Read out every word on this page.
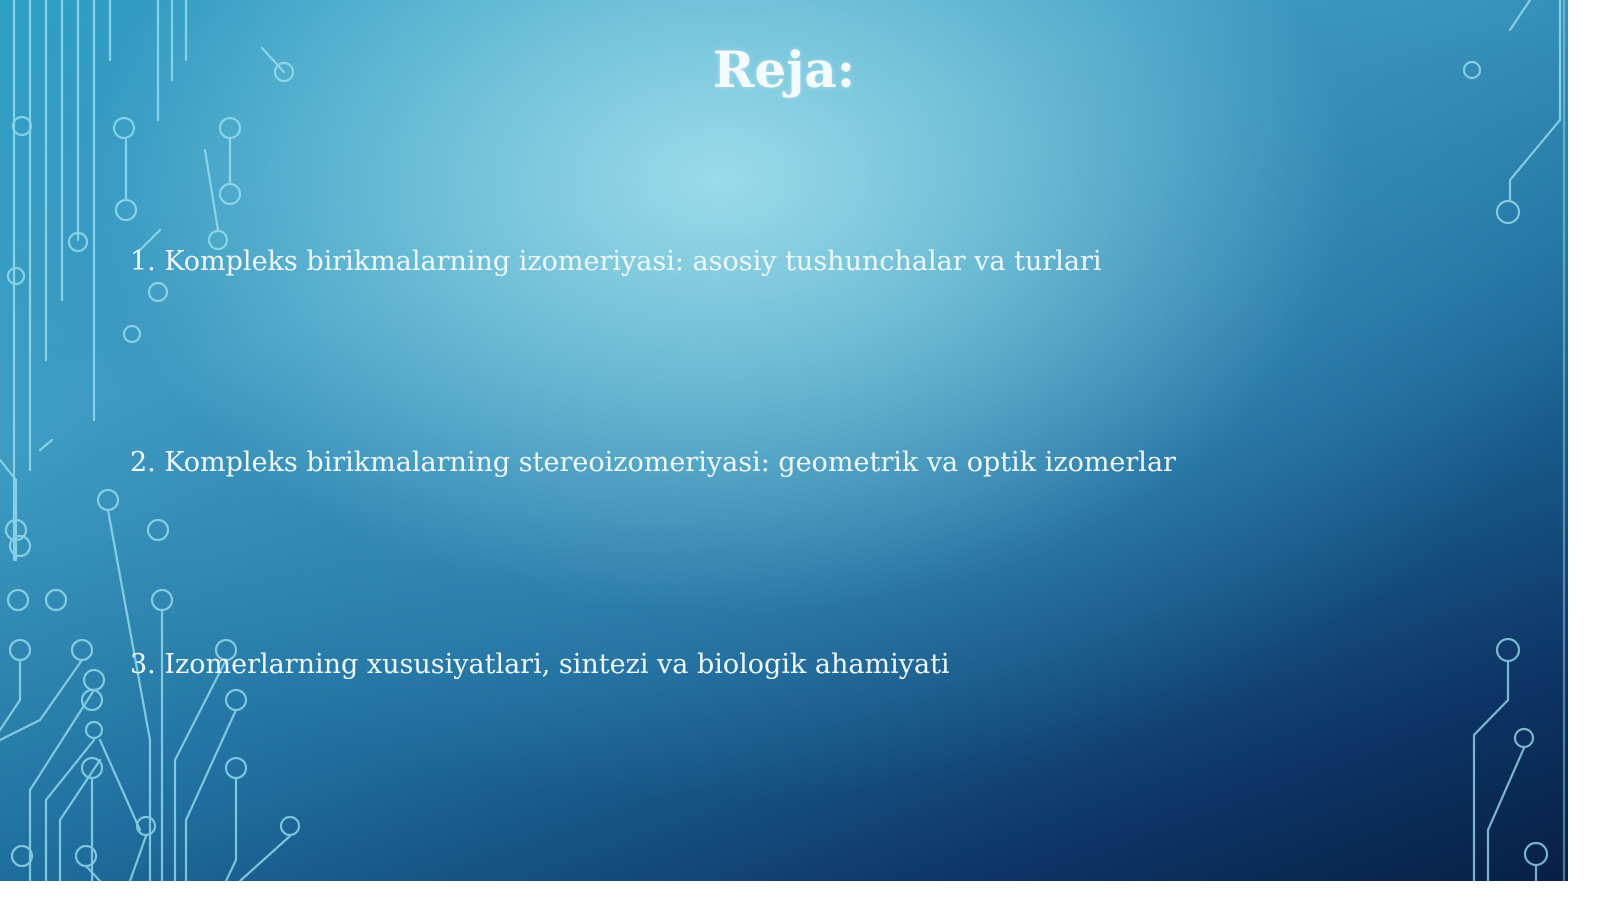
Reja:
1. Kompleks birikmalarning izomeriyasi: asosiy tushunchalar va turlari
2. Kompleks birikmalarning stereoizomeriyasi: geometrik va optik izomerlar
3. Izomerlarning xususiyatlari, sintezi va biologik ahamiyati
